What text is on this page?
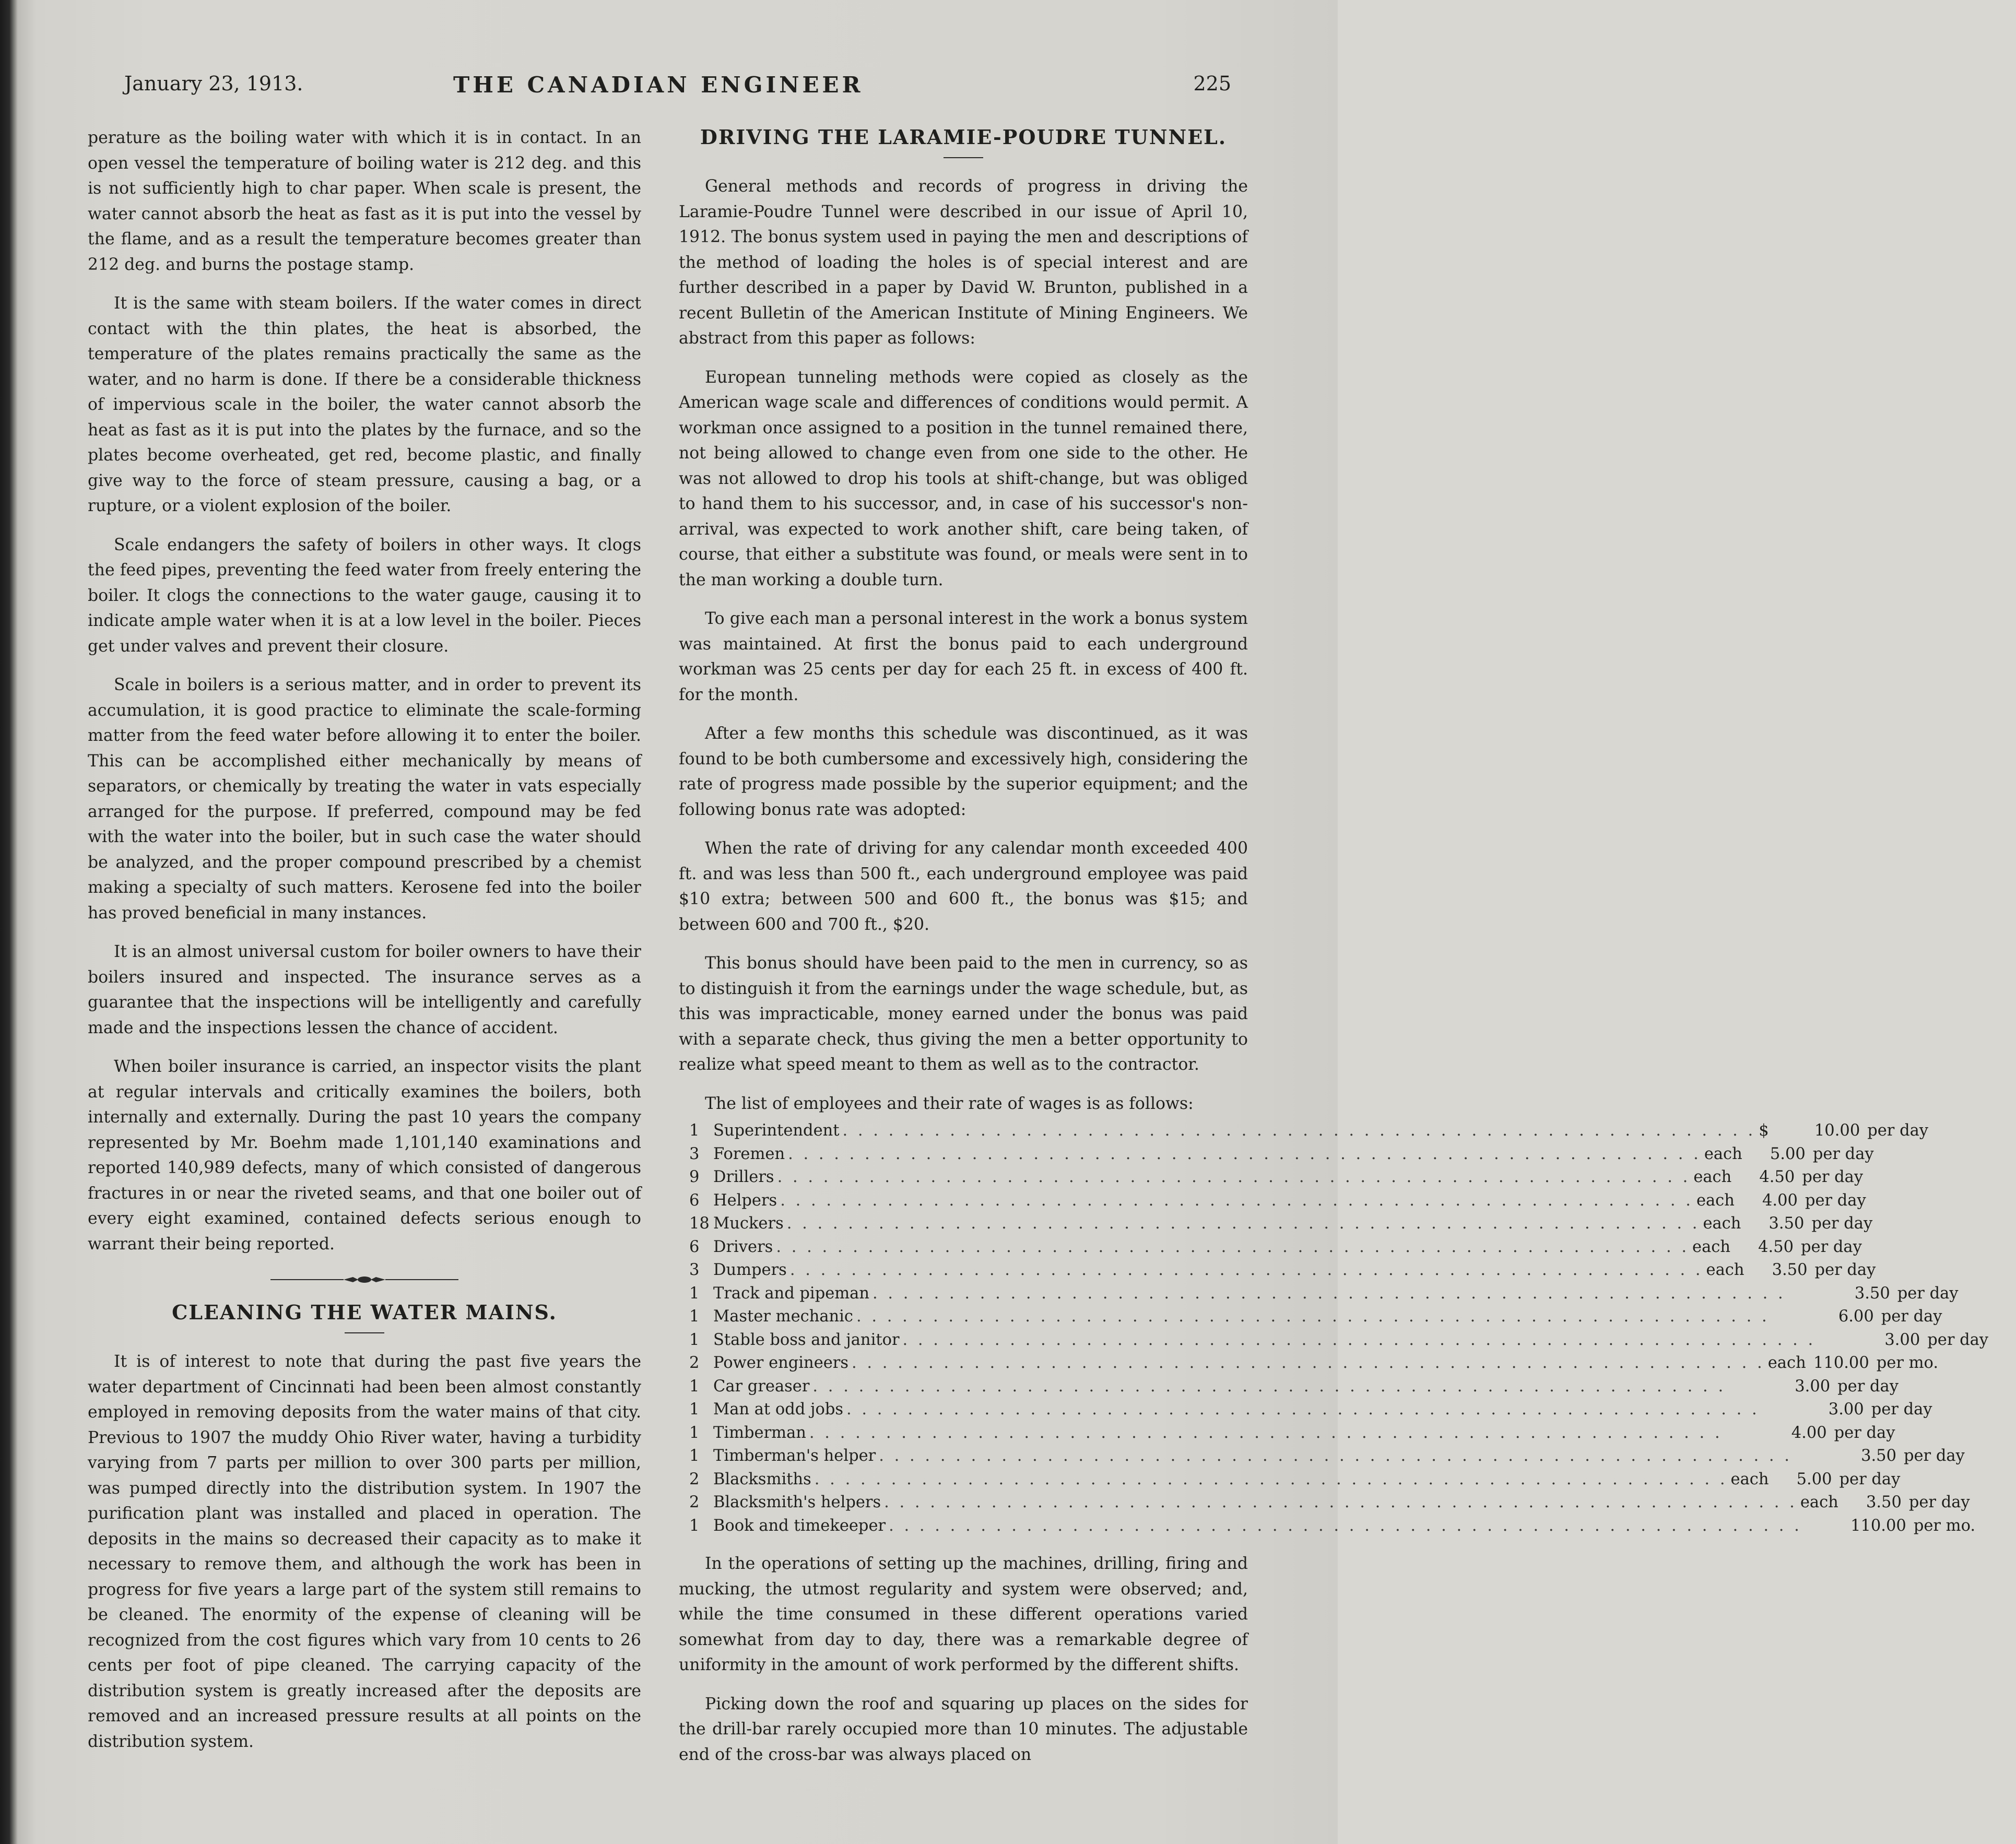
January 23, 1913.	THE CANADIAN ENGINEER	225

perature as the boiling water with which it is in contact. In an open vessel the temperature of boiling water is 212 deg. and this is not sufficiently high to char paper. When scale is present, the water cannot absorb the heat as fast as it is put into the vessel by the flame, and as a result the temperature becomes greater than 212 deg. and burns the postage stamp.

It is the same with steam boilers. If the water comes in direct contact with the thin plates, the heat is absorbed, the temperature of the plates remains practically the same as the water, and no harm is done. If there be a considerable thickness of impervious scale in the boiler, the water cannot absorb the heat as fast as it is put into the plates by the furnace, and so the plates become overheated, get red, become plastic, and finally give way to the force of steam pressure, causing a bag, or a rupture, or a violent explosion of the boiler.

Scale endangers the safety of boilers in other ways. It clogs the feed pipes, preventing the feed water from freely entering the boiler. It clogs the connections to the water gauge, causing it to indicate ample water when it is at a low level in the boiler. Pieces get under valves and prevent their closure.

Scale in boilers is a serious matter, and in order to prevent its accumulation, it is good practice to eliminate the scale-forming matter from the feed water before allowing it to enter the boiler. This can be accomplished either mechanically by means of separators, or chemically by treating the water in vats especially arranged for the purpose. If preferred, compound may be fed with the water into the boiler, but in such case the water should be analyzed, and the proper compound prescribed by a chemist making a specialty of such matters. Kerosene fed into the boiler has proved beneficial in many instances.

It is an almost universal custom for boiler owners to have their boilers insured and inspected. The insurance serves as a guarantee that the inspections will be intelligently and carefully made and the inspections lessen the chance of accident.

When boiler insurance is carried, an inspector visits the plant at regular intervals and critically examines the boilers, both internally and externally. During the past 10 years the company represented by Mr. Boehm made 1,101,140 examinations and reported 140,989 defects, many of which consisted of dangerous fractures in or near the riveted seams, and that one boiler out of every eight examined, contained defects serious enough to warrant their being reported.

CLEANING THE WATER MAINS.

It is of interest to note that during the past five years the water department of Cincinnati had been been almost constantly employed in removing deposits from the water mains of that city. Previous to 1907 the muddy Ohio River water, having a turbidity varying from 7 parts per million to over 300 parts per million, was pumped directly into the distribution system. In 1907 the purification plant was installed and placed in operation. The deposits in the mains so decreased their capacity as to make it necessary to remove them, and although the work has been in progress for five years a large part of the system still remains to be cleaned. The enormity of the expense of cleaning will be recognized from the cost figures which vary from 10 cents to 26 cents per foot of pipe cleaned. The carrying capacity of the distribution system is greatly increased after the deposits are removed and an increased pressure results at all points on the distribution system.

DRIVING THE LARAMIE-POUDRE TUNNEL.

General methods and records of progress in driving the Laramie-Poudre Tunnel were described in our issue of April 10, 1912. The bonus system used in paying the men and descriptions of the method of loading the holes is of special interest and are further described in a paper by David W. Brunton, published in a recent Bulletin of the American Institute of Mining Engineers. We abstract from this paper as follows:

European tunneling methods were copied as closely as the American wage scale and differences of conditions would permit. A workman once assigned to a position in the tunnel remained there, not being allowed to change even from one side to the other. He was not allowed to drop his tools at shift-change, but was obliged to hand them to his successor, and, in case of his successor's non-arrival, was expected to work another shift, care being taken, of course, that either a substitute was found, or meals were sent in to the man working a double turn.

To give each man a personal interest in the work a bonus system was maintained. At first the bonus paid to each underground workman was 25 cents per day for each 25 ft. in excess of 400 ft. for the month.

After a few months this schedule was discontinued, as it was found to be both cumbersome and excessively high, considering the rate of progress made possible by the superior equipment; and the following bonus rate was adopted:

When the rate of driving for any calendar month exceeded 400 ft. and was less than 500 ft., each underground employee was paid $10 extra; between 500 and 600 ft., the bonus was $15; and between 600 and 700 ft., $20.

This bonus should have been paid to the men in currency, so as to distinguish it from the earnings under the wage schedule, but, as this was impracticable, money earned under the bonus was paid with a separate check, thus giving the men a better opportunity to realize what speed meant to them as well as to the contractor.

The list of employees and their rate of wages is as follows:

1 Superintendent . . . . . . . . . . . . . . . . . . . . . . . . . . . . . . . . . . . . . . . . . . . . . . . . . . . . . . . . . . . . $	10.00 per day
3 Foremen . . . . . . . . . . . . . . . . . . . . . . . . . . . . . . . . . . . . . . . . . . . . . . . . . . . . . . . . . . . . each	5.00 per day
9 Drillers . . . . . . . . . . . . . . . . . . . . . . . . . . . . . . . . . . . . . . . . . . . . . . . . . . . . . . . . . . . . each	4.50 per day
6 Helpers . . . . . . . . . . . . . . . . . . . . . . . . . . . . . . . . . . . . . . . . . . . . . . . . . . . . . . . . . . . . each	4.00 per day
18 Muckers . . . . . . . . . . . . . . . . . . . . . . . . . . . . . . . . . . . . . . . . . . . . . . . . . . . . . . . . . . . . each	3.50 per day
6 Drivers . . . . . . . . . . . . . . . . . . . . . . . . . . . . . . . . . . . . . . . . . . . . . . . . . . . . . . . . . . . . each	4.50 per day
3 Dumpers . . . . . . . . . . . . . . . . . . . . . . . . . . . . . . . . . . . . . . . . . . . . . . . . . . . . . . . . . . . . each	3.50 per day
1 Track and pipeman . . . . . . . . . . . . . . . . . . . . . . . . . . . . . . . . . . . . . . . . . . . . . . . . . . . . . . . . . . . .	3.50 per day
1 Master mechanic . . . . . . . . . . . . . . . . . . . . . . . . . . . . . . . . . . . . . . . . . . . . . . . . . . . . . . . . . . . .	6.00 per day
1 Stable boss and janitor . . . . . . . . . . . . . . . . . . . . . . . . . . . . . . . . . . . . . . . . . . . . . . . . . . . . . . . . . . . .	3.00 per day
2 Power engineers . . . . . . . . . . . . . . . . . . . . . . . . . . . . . . . . . . . . . . . . . . . . . . . . . . . . . . . . . . . . each 110.00 per mo.
1 Car greaser . . . . . . . . . . . . . . . . . . . . . . . . . . . . . . . . . . . . . . . . . . . . . . . . . . . . . . . . . . . .	3.00 per day
1 Man at odd jobs . . . . . . . . . . . . . . . . . . . . . . . . . . . . . . . . . . . . . . . . . . . . . . . . . . . . . . . . . . . .	3.00 per day
1 Timberman . . . . . . . . . . . . . . . . . . . . . . . . . . . . . . . . . . . . . . . . . . . . . . . . . . . . . . . . . . . .	4.00 per day
1 Timberman's helper . . . . . . . . . . . . . . . . . . . . . . . . . . . . . . . . . . . . . . . . . . . . . . . . . . . . . . . . . . . .	3.50 per day
2 Blacksmiths . . . . . . . . . . . . . . . . . . . . . . . . . . . . . . . . . . . . . . . . . . . . . . . . . . . . . . . . . . . . each	5.00 per day
2 Blacksmith's helpers . . . . . . . . . . . . . . . . . . . . . . . . . . . . . . . . . . . . . . . . . . . . . . . . . . . . . . . . . . . . each	3.50 per day
1 Book and timekeeper . . . . . . . . . . . . . . . . . . . . . . . . . . . . . . . . . . . . . . . . . . . . . . . . . . . . . . . . . . . .	110.00 per mo.

In the operations of setting up the machines, drilling, firing and mucking, the utmost regularity and system were observed; and, while the time consumed in these different operations varied somewhat from day to day, there was a remarkable degree of uniformity in the amount of work performed by the different shifts.

Picking down the roof and squaring up places on the sides for the drill-bar rarely occupied more than 10 minutes. The adjustable end of the cross-bar was always placed on
